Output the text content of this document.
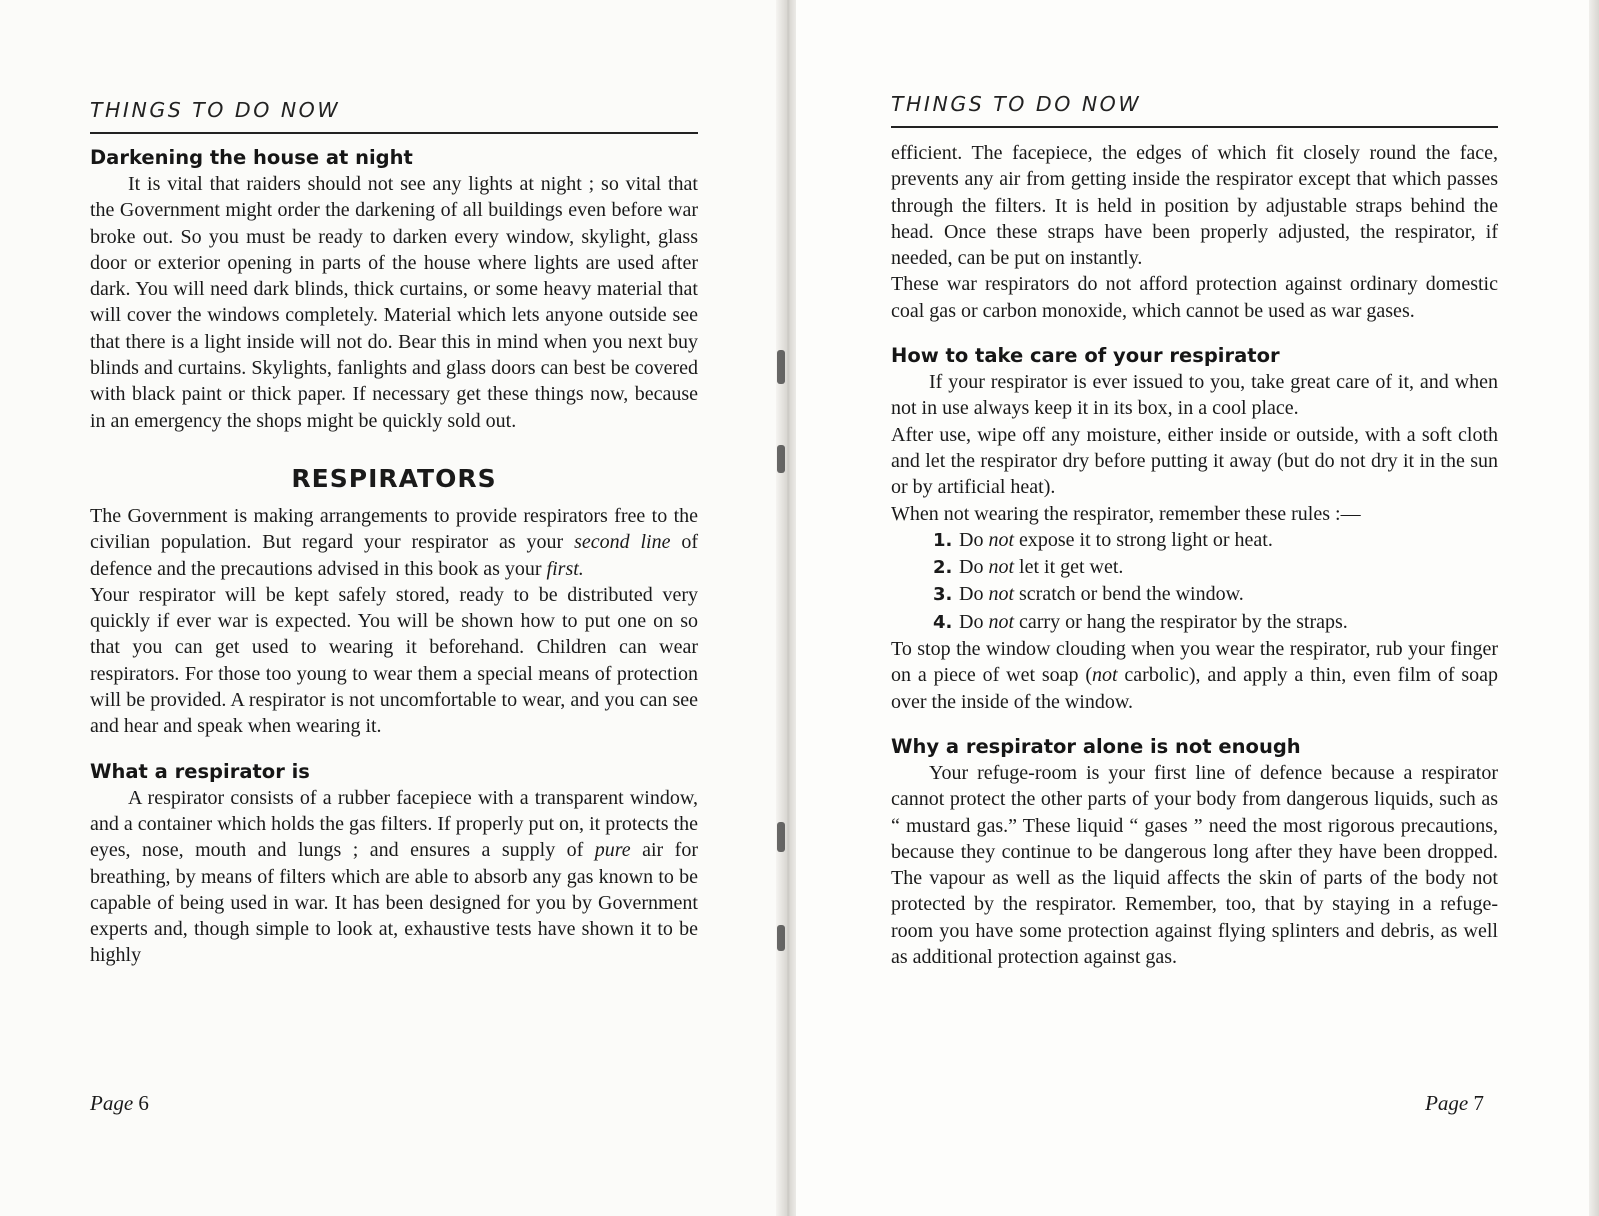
THINGS TO DO NOW
Darkening the house at night

It is vital that raiders should not see any lights at night ; so vital that the Government might order the darkening of all buildings even before war broke out. So you must be ready to darken every window, skylight, glass door or exterior opening in parts of the house where lights are used after dark. You will need dark blinds, thick curtains, or some heavy material that will cover the windows completely. Material which lets anyone outside see that there is a light inside will not do. Bear this in mind when you next buy blinds and curtains. Skylights, fanlights and glass doors can best be covered with black paint or thick paper. If necessary get these things now, because in an emergency the shops might be quickly sold out.

RESPIRATORS

The Government is making arrangements to provide respirators free to the civilian population. But regard your respirator as your second line of defence and the precautions advised in this book as your first.

Your respirator will be kept safely stored, ready to be distributed very quickly if ever war is expected. You will be shown how to put one on so that you can get used to wearing it beforehand. Children can wear respirators. For those too young to wear them a special means of protection will be provided. A respirator is not uncomfortable to wear, and you can see and hear and speak when wearing it.

What a respirator is

A respirator consists of a rubber facepiece with a transparent window, and a container which holds the gas filters. If properly put on, it protects the eyes, nose, mouth and lungs ; and ensures a supply of pure air for breathing, by means of filters which are able to absorb any gas known to be capable of being used in war. It has been designed for you by Government experts and, though simple to look at, exhaustive tests have shown it to be highly

Page 6
THINGS TO DO NOW

efficient. The facepiece, the edges of which fit closely round the face, prevents any air from getting inside the respirator except that which passes through the filters. It is held in position by adjustable straps behind the head. Once these straps have been properly adjusted, the respirator, if needed, can be put on instantly.

These war respirators do not afford protection against ordinary domestic coal gas or carbon monoxide, which cannot be used as war gases.

How to take care of your respirator

If your respirator is ever issued to you, take great care of it, and when not in use always keep it in its box, in a cool place.

After use, wipe off any moisture, either inside or outside, with a soft cloth and let the respirator dry before putting it away (but do not dry it in the sun or by artificial heat).

When not wearing the respirator, remember these rules :—

1. Do not expose it to strong light or heat.
2. Do not let it get wet.
3. Do not scratch or bend the window.
4. Do not carry or hang the respirator by the straps.

To stop the window clouding when you wear the respirator, rub your finger on a piece of wet soap (not carbolic), and apply a thin, even film of soap over the inside of the window.

Why a respirator alone is not enough

Your refuge-room is your first line of defence because a respirator cannot protect the other parts of your body from dangerous liquids, such as “ mustard gas.” These liquid “ gases ” need the most rigorous precautions, because they continue to be dangerous long after they have been dropped. The vapour as well as the liquid affects the skin of parts of the body not protected by the respirator. Remember, too, that by staying in a refuge-room you have some protection against flying splinters and debris, as well as additional protection against gas.

Page 7
